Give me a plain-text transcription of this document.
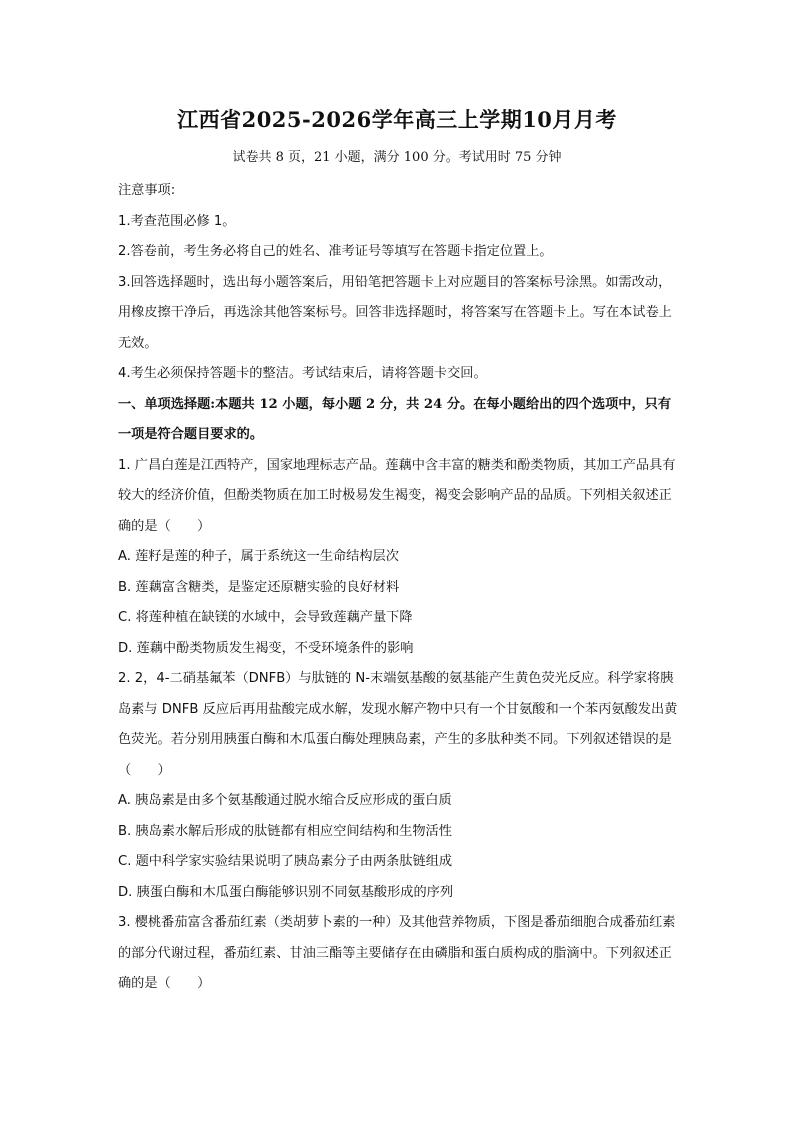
江西省2025-2026学年高三上学期10月月考
试卷共 8 页，21 小题，满分 100 分。考试用时 75 分钟

注意事项:

1.考查范围必修 1。

2.答卷前，考生务必将自己的姓名、准考证号等填写在答题卡指定位置上。

3.回答选择题时，选出每小题答案后，用铅笔把答题卡上对应题目的答案标号涂黑。如需改动，用橡皮擦干净后，再选涂其他答案标号。回答非选择题时，将答案写在答题卡上。写在本试卷上无效。

4.考生必须保持答题卡的整洁。考试结束后，请将答题卡交回。

一、单项选择题:本题共 12 小题，每小题 2 分，共 24 分。在每小题给出的四个选项中，只有一项是符合题目要求的。

1. 广昌白莲是江西特产，国家地理标志产品。莲藕中含丰富的糖类和酚类物质，其加工产品具有较大的经济价值，但酚类物质在加工时极易发生褐变，褐变会影响产品的品质。下列相关叙述正确的是（　　）

A. 莲籽是莲的种子，属于系统这一生命结构层次

B. 莲藕富含糖类，是鉴定还原糖实验的良好材料

C. 将莲种植在缺镁的水域中，会导致莲藕产量下降

D. 莲藕中酚类物质发生褐变，不受环境条件的影响

2. 2，4-二硝基氟苯（DNFB）与肽链的 N-末端氨基酸的氨基能产生黄色荧光反应。科学家将胰岛素与 DNFB 反应后再用盐酸完成水解，发现水解产物中只有一个甘氨酸和一个苯丙氨酸发出黄色荧光。若分别用胰蛋白酶和木瓜蛋白酶处理胰岛素，产生的多肽种类不同。下列叙述错误的是（　　）

A. 胰岛素是由多个氨基酸通过脱水缩合反应形成的蛋白质

B. 胰岛素水解后形成的肽链都有相应空间结构和生物活性

C. 题中科学家实验结果说明了胰岛素分子由两条肽链组成

D. 胰蛋白酶和木瓜蛋白酶能够识别不同氨基酸形成的序列

3. 樱桃番茄富含番茄红素（类胡萝卜素的一种）及其他营养物质，下图是番茄细胞合成番茄红素的部分代谢过程，番茄红素、甘油三酯等主要储存在由磷脂和蛋白质构成的脂滴中。下列叙述正确的是（　　）
